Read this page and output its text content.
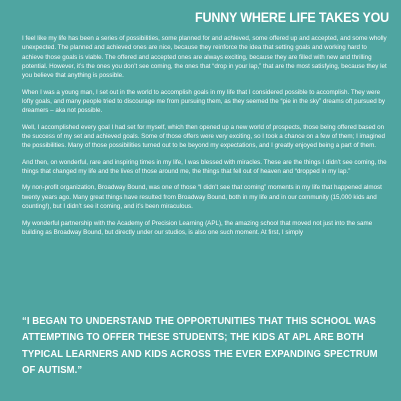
FUNNY WHERE LIFE TAKES YOU

I feel like my life has been a series of possibilities, some planned for and achieved, some offered up and accepted, and some wholly unexpected. The planned and achieved ones are nice, because they reinforce the idea that setting goals and working hard to achieve those goals is viable. The offered and accepted ones are always exciting, because they are filled with new and thrilling potential. However, it’s the ones you don’t see coming, the ones that “drop in your lap,” that are the most satisfying, because they let you believe that anything is possible.

When I was a young man, I set out in the world to accomplish goals in my life that I considered possible to accomplish. They were lofty goals, and many people tried to discourage me from pursuing them, as they seemed the “pie in the sky” dreams oft pursued by dreamers – aka not possible.

Well, I accomplished every goal I had set for myself, which then opened up a new world of prospects, those being offered based on the success of my set and achieved goals. Some of those offers were very exciting, so I took a chance on a few of them; I imagined the possibilities. Many of those possibilities turned out to be beyond my expectations, and I greatly enjoyed being a part of them.

And then, on wonderful, rare and inspiring times in my life, I was blessed with miracles. These are the things I didn’t see coming, the things that changed my life and the lives of those around me, the things that fell out of heaven and “dropped in my lap.”

My non-profit organization, Broadway Bound, was one of those “I didn’t see that coming” moments in my life that happened almost twenty years ago. Many great things have resulted from Broadway Bound, both in my life and in our community (15,000 kids and counting!), but I didn’t see it coming, and it’s been miraculous.

My wonderful partnership with the Academy of Precision Learning (APL), the amazing school that moved not just into the same building as Broadway Bound, but directly under our studios, is also one such moment. At first, I simply

“I BEGAN TO UNDERSTAND THE OPPORTUNITIES THAT THIS SCHOOL WAS ATTEMPTING TO OFFER THESE STUDENTS; THE KIDS AT APL ARE BOTH TYPICAL LEARNERS AND KIDS ACROSS THE EVER EXPANDING SPECTRUM OF AUTISM.”
